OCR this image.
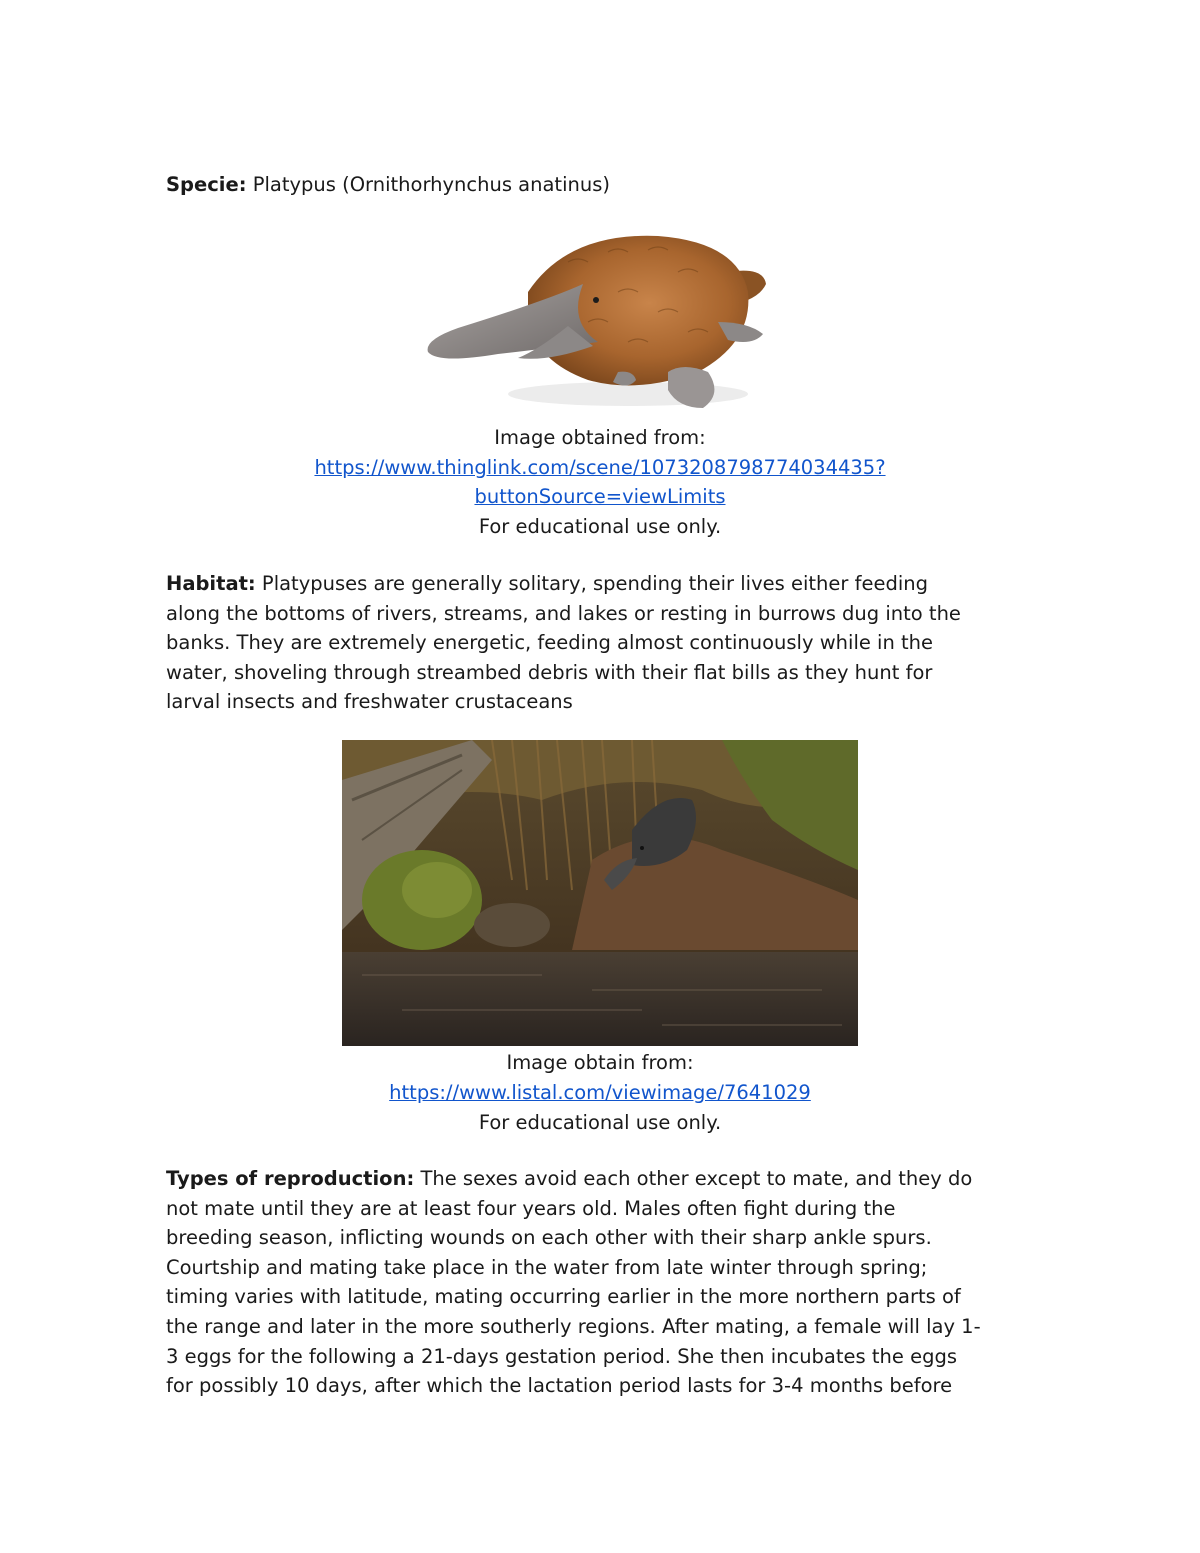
Specie: Platypus (Ornithorhynchus anatinus)

Image obtained from:

https://www.thinglink.com/scene/1073208798774034435?

buttonSource=viewLimits

For educational use only.

Habitat: Platypuses are generally solitary, spending their lives either feeding
along the bottoms of rivers, streams, and lakes or resting in burrows dug into the
banks. They are extremely energetic, feeding almost continuously while in the
water, shoveling through streambed debris with their flat bills as they hunt for
larval insects and freshwater crustaceans

Image obtain from:

https://www.listal.com/viewimage/7641029

For educational use only.

Types of reproduction: The sexes avoid each other except to mate, and they do
not mate until they are at least four years old. Males often fight during the
breeding season, inflicting wounds on each other with their sharp ankle spurs.
Courtship and mating take place in the water from late winter through spring;
timing varies with latitude, mating occurring earlier in the more northern parts of
the range and later in the more southerly regions. After mating, a female will lay 1-
3 eggs for the following a 21-days gestation period. She then incubates the eggs
for possibly 10 days, after which the lactation period lasts for 3-4 months before
